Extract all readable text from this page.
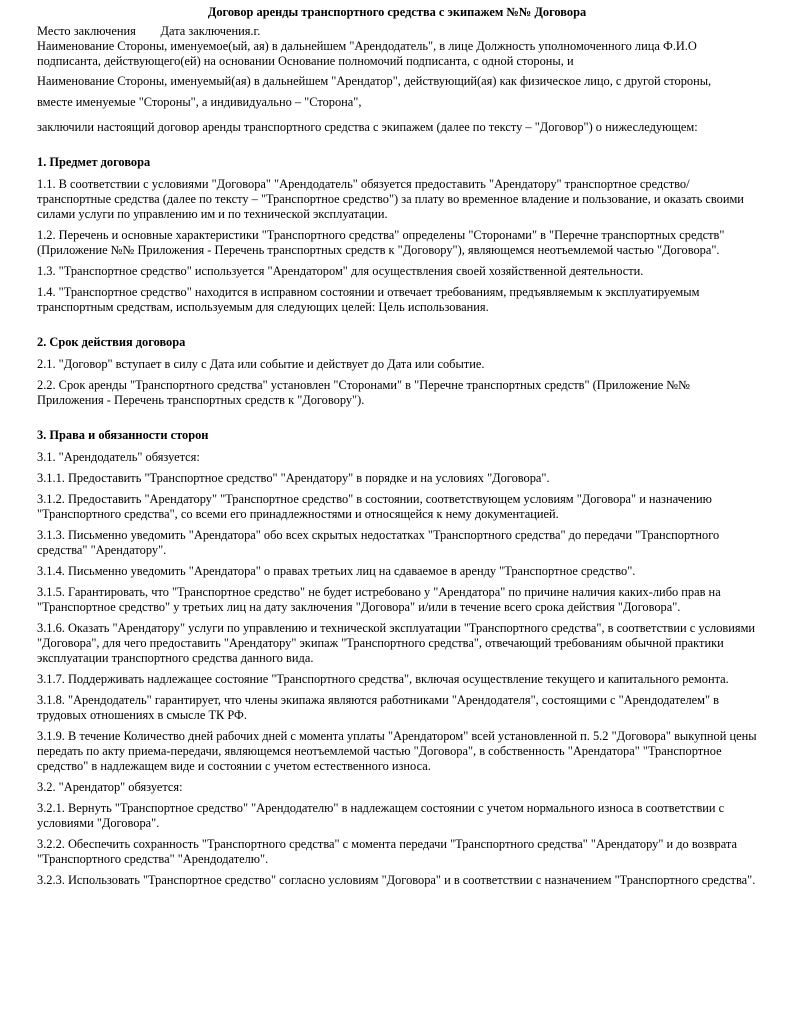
Договор аренды транспортного средства с экипажем №№ Договора
Место заключения        Дата заключения.г.
Наименование Стороны, именуемое(ый, ая) в дальнейшем "Арендодатель", в лице Должность уполномоченного лица Ф.И.О подписанта, действующего(ей) на основании Основание полномочий подписанта, с одной стороны, и
Наименование Стороны, именуемый(ая) в дальнейшем "Арендатор", действующий(ая) как физическое лицо, с другой стороны,
вместе именуемые "Стороны", а индивидуально – "Сторона",
заключили настоящий договор аренды транспортного средства с экипажем (далее по тексту – "Договор") о нижеследующем:
1. Предмет договора
1.1. В соответствии с условиями "Договора" "Арендодатель" обязуется предоставить "Арендатору" транспортное средство/транспортные средства (далее по тексту – "Транспортное средство") за плату во временное владение и пользование, и оказать своими силами услуги по управлению им и по технической эксплуатации.
1.2. Перечень и основные характеристики "Транспортного средства" определены "Сторонами" в "Перечне транспортных средств" (Приложение №№ Приложения - Перечень транспортных средств к "Договору"), являющемся неотъемлемой частью "Договора".
1.3. "Транспортное средство" используется "Арендатором" для осуществления своей хозяйственной деятельности.
1.4. "Транспортное средство" находится в исправном состоянии и отвечает требованиям, предъявляемым к эксплуатируемым транспортным средствам, используемым для следующих целей: Цель использования.
2. Срок действия договора
2.1. "Договор" вступает в силу с Дата или событие и действует до Дата или событие.
2.2. Срок аренды "Транспортного средства" установлен "Сторонами" в "Перечне транспортных средств" (Приложение №№ Приложения - Перечень транспортных средств к "Договору").
3. Права и обязанности сторон
3.1. "Арендодатель" обязуется:
3.1.1. Предоставить "Транспортное средство" "Арендатору" в порядке и на условиях "Договора".
3.1.2. Предоставить "Арендатору" "Транспортное средство" в состоянии, соответствующем условиям "Договора" и назначению "Транспортного средства", со всеми его принадлежностями и относящейся к нему документацией.
3.1.3. Письменно уведомить "Арендатора" обо всех скрытых недостатках "Транспортного средства" до передачи "Транспортного средства" "Арендатору".
3.1.4. Письменно уведомить "Арендатора" о правах третьих лиц на сдаваемое в аренду "Транспортное средство".
3.1.5. Гарантировать, что "Транспортное средство" не будет истребовано у "Арендатора" по причине наличия каких-либо прав на "Транспортное средство" у третьих лиц на дату заключения "Договора" и/или в течение всего срока действия "Договора".
3.1.6. Оказать "Арендатору" услуги по управлению и технической эксплуатации "Транспортного средства", в соответствии с условиями "Договора", для чего предоставить "Арендатору" экипаж "Транспортного средства", отвечающий требованиям обычной практики эксплуатации транспортного средства данного вида.
3.1.7. Поддерживать надлежащее состояние "Транспортного средства", включая осуществление текущего и капитального ремонта.
3.1.8. "Арендодатель" гарантирует, что члены экипажа являются работниками "Арендодателя", состоящими с "Арендодателем" в трудовых отношениях в смысле ТК РФ.
3.1.9. В течение Количество дней рабочих дней с момента уплаты "Арендатором" всей установленной п. 5.2 "Договора" выкупной цены передать по акту приема-передачи, являющемся неотъемлемой частью "Договора", в собственность "Арендатора" "Транспортное средство" в надлежащем виде и состоянии с учетом естественного износа.
3.2. "Арендатор" обязуется:
3.2.1. Вернуть "Транспортное средство" "Арендодателю" в надлежащем состоянии с учетом нормального износа в соответствии с условиями "Договора".
3.2.2. Обеспечить сохранность "Транспортного средства" с момента передачи "Транспортного средства" "Арендатору" и до возврата "Транспортного средства" "Арендодателю".
3.2.3. Использовать "Транспортное средство" согласно условиям "Договора" и в соответствии с назначением "Транспортного средства".
